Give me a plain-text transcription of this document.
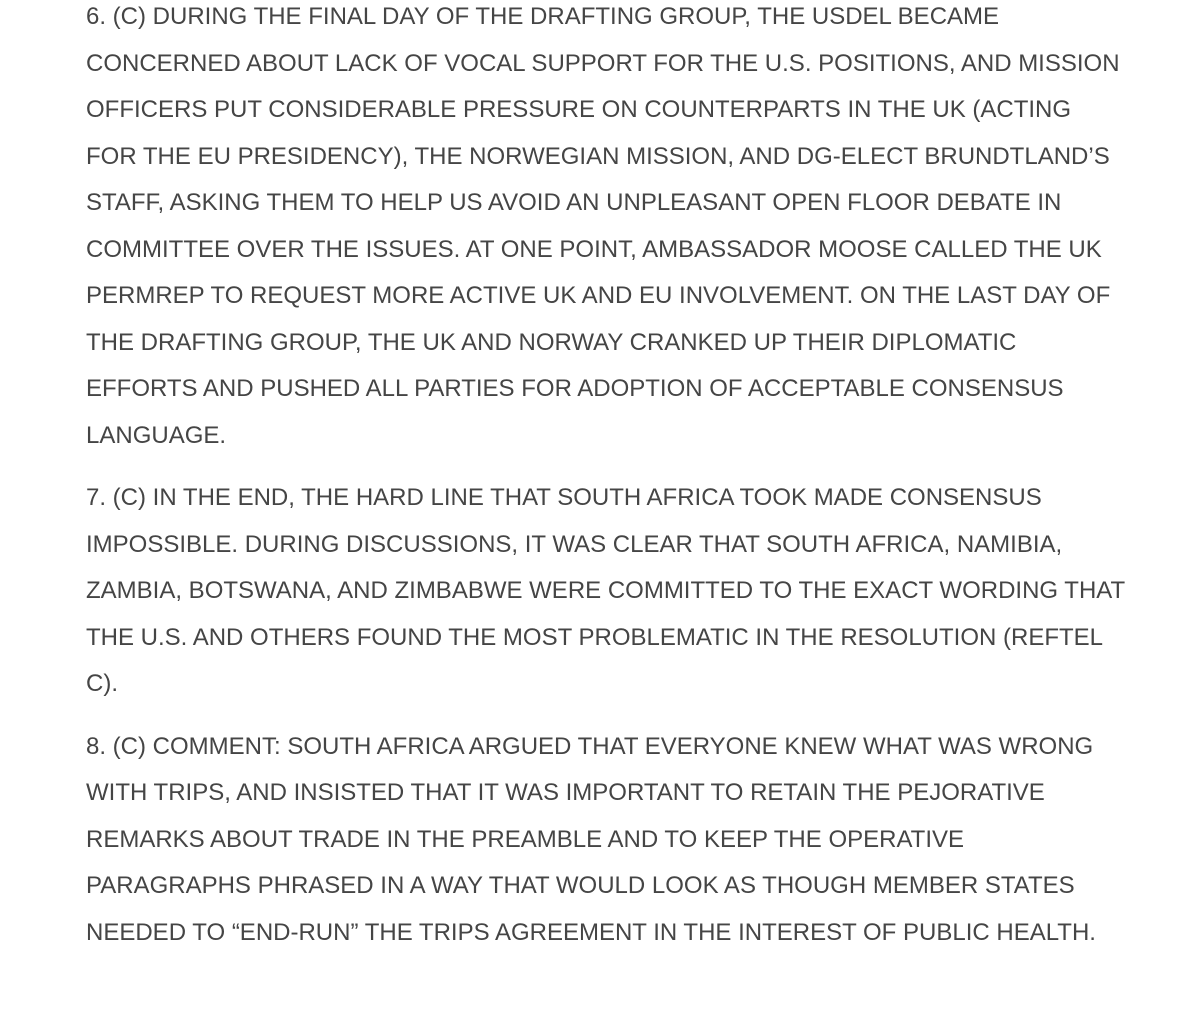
6. (C) DURING THE FINAL DAY OF THE DRAFTING GROUP, THE USDEL BECAME CONCERNED ABOUT LACK OF VOCAL SUPPORT FOR THE U.S. POSITIONS, AND MISSION OFFICERS PUT CONSIDERABLE PRESSURE ON COUNTERPARTS IN THE UK (ACTING FOR THE EU PRESIDENCY), THE NORWEGIAN MISSION, AND DG-ELECT BRUNDTLAND’S STAFF, ASKING THEM TO HELP US AVOID AN UNPLEASANT OPEN FLOOR DEBATE IN COMMITTEE OVER THE ISSUES. AT ONE POINT, AMBASSADOR MOOSE CALLED THE UK PERMREP TO REQUEST MORE ACTIVE UK AND EU INVOLVEMENT. ON THE LAST DAY OF THE DRAFTING GROUP, THE UK AND NORWAY CRANKED UP THEIR DIPLOMATIC EFFORTS AND PUSHED ALL PARTIES FOR ADOPTION OF ACCEPTABLE CONSENSUS LANGUAGE.

7. (C) IN THE END, THE HARD LINE THAT SOUTH AFRICA TOOK MADE CONSENSUS IMPOSSIBLE. DURING DISCUSSIONS, IT WAS CLEAR THAT SOUTH AFRICA, NAMIBIA, ZAMBIA, BOTSWANA, AND ZIMBABWE WERE COMMITTED TO THE EXACT WORDING THAT THE U.S. AND OTHERS FOUND THE MOST PROBLEMATIC IN THE RESOLUTION (REFTEL C).

8. (C) COMMENT: SOUTH AFRICA ARGUED THAT EVERYONE KNEW WHAT WAS WRONG WITH TRIPS, AND INSISTED THAT IT WAS IMPORTANT TO RETAIN THE PEJORATIVE REMARKS ABOUT TRADE IN THE PREAMBLE AND TO KEEP THE OPERATIVE PARAGRAPHS PHRASED IN A WAY THAT WOULD LOOK AS THOUGH MEMBER STATES NEEDED TO “END-RUN” THE TRIPS AGREEMENT IN THE INTEREST OF PUBLIC HEALTH.
